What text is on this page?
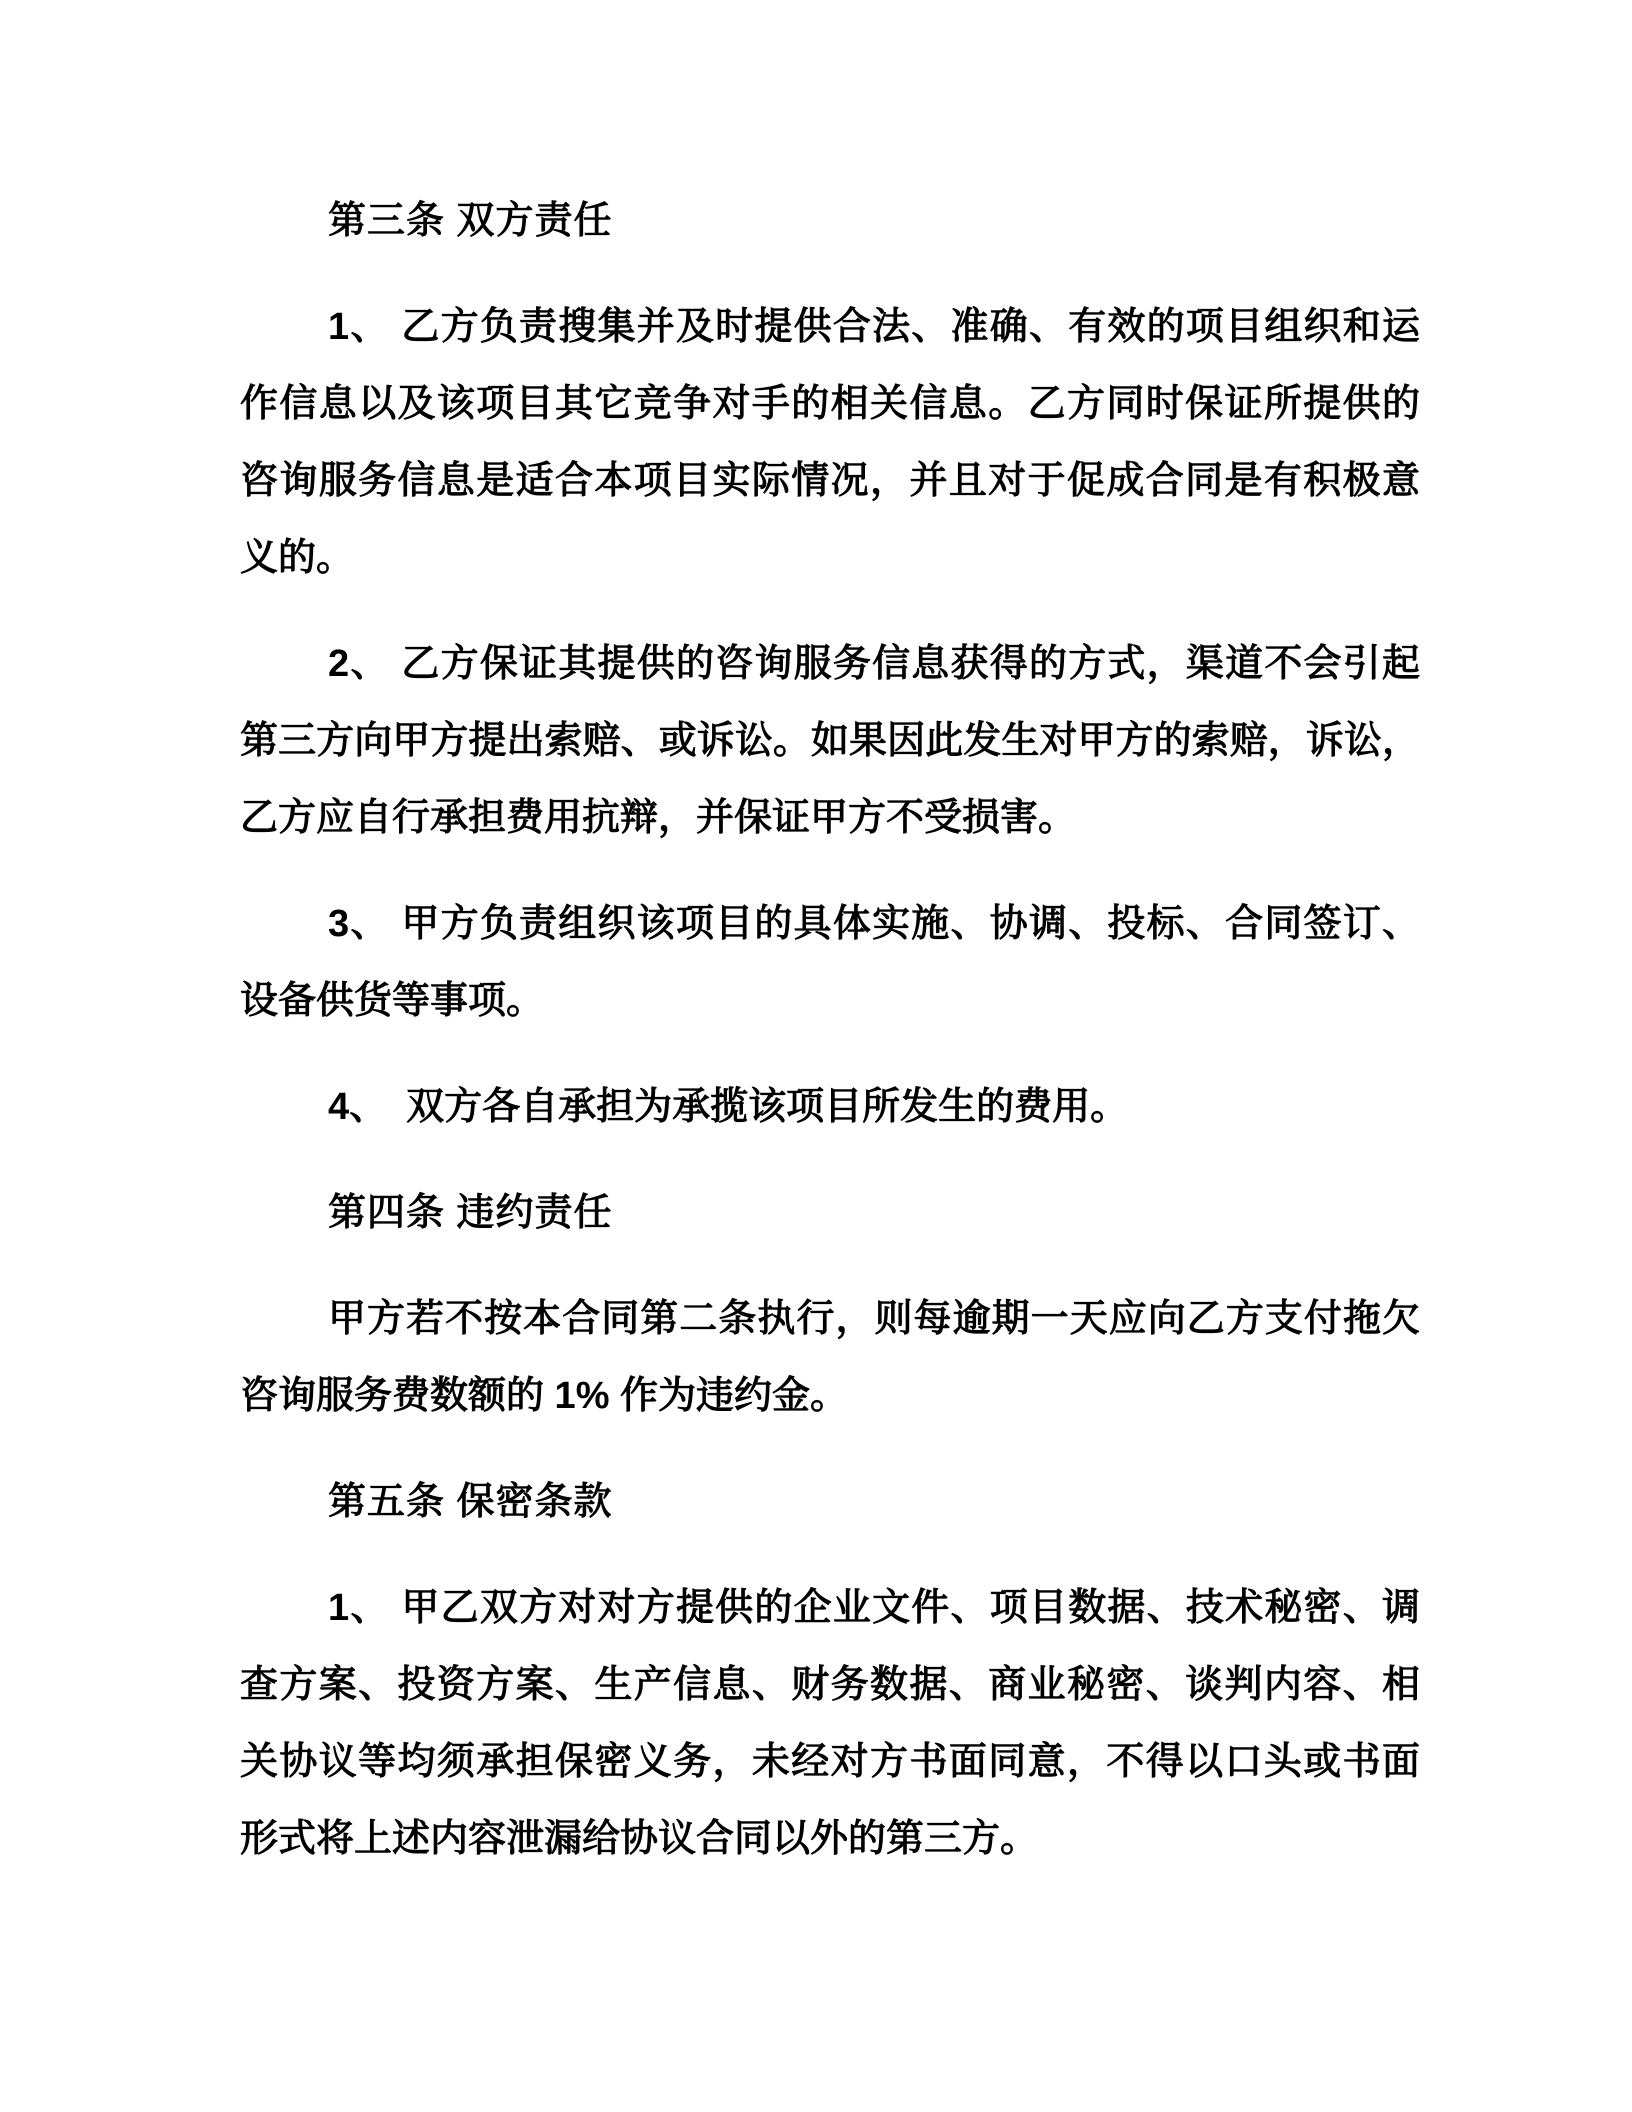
第三条 双方责任
1、 乙方负责搜集并及时提供合法、准确、有效的项目组织和运
作信息以及该项目其它竞争对手的相关信息。乙方同时保证所提供的
咨询服务信息是适合本项目实际情况，并且对于促成合同是有积极意
义的。
2、 乙方保证其提供的咨询服务信息获得的方式，渠道不会引起
第三方向甲方提出索赔、或诉讼。如果因此发生对甲方的索赔，诉讼，
乙方应自行承担费用抗辩，并保证甲方不受损害。
3、 甲方负责组织该项目的具体实施、协调、投标、合同签订、
设备供货等事项。
4、　双方各自承担为承揽该项目所发生的费用。
第四条 违约责任
甲方若不按本合同第二条执行，则每逾期一天应向乙方支付拖欠
咨询服务费数额的 1% 作为违约金。
第五条 保密条款
1、 甲乙双方对对方提供的企业文件、项目数据、技术秘密、调
查方案、投资方案、生产信息、财务数据、商业秘密、谈判内容、相
关协议等均须承担保密义务，未经对方书面同意，不得以口头或书面
形式将上述内容泄漏给协议合同以外的第三方。
